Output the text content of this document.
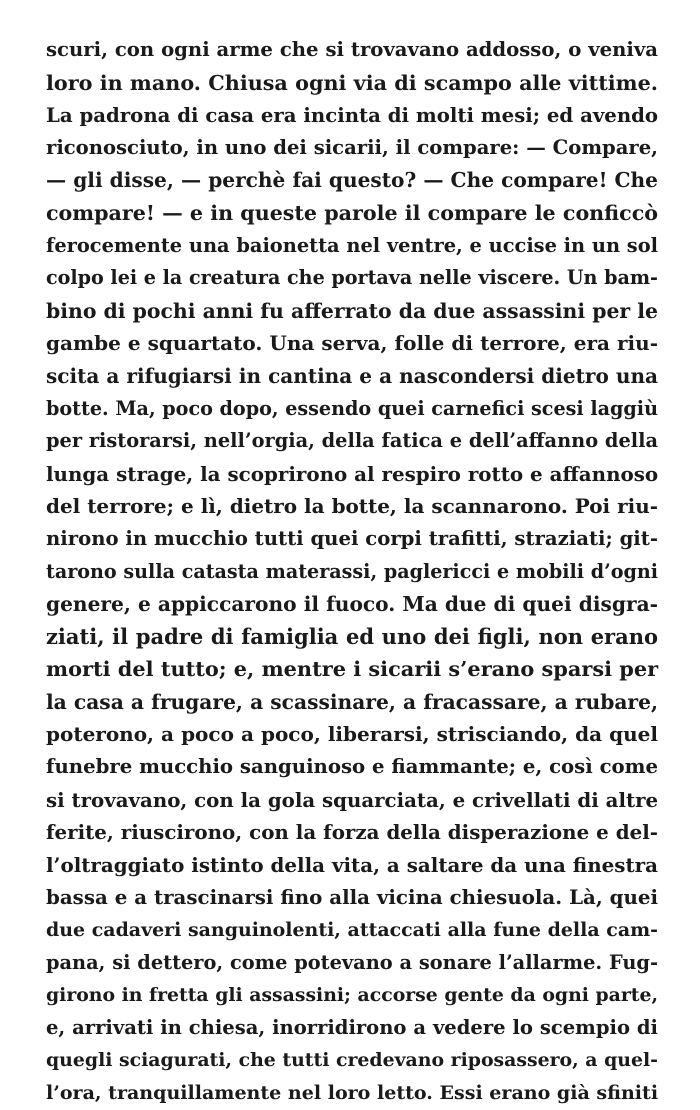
scuri, con ogni arme che si trovavano addosso, o veniva
loro in mano. Chiusa ogni via di scampo alle vittime.
La padrona di casa era incinta di molti mesi; ed avendo
riconosciuto, in uno dei sicarii, il compare: — Compare,
— gli disse, — perchè fai questo? — Che compare! Che
compare! — e in queste parole il compare le conficcò
ferocemente una baionetta nel ventre, e uccise in un sol
colpo lei e la creatura che portava nelle viscere. Un bam-
bino di pochi anni fu afferrato da due assassini per le
gambe e squartato. Una serva, folle di terrore, era riu-
scita a rifugiarsi in cantina e a nascondersi dietro una
botte. Ma, poco dopo, essendo quei carnefici scesi laggiù
per ristorarsi, nell’orgia, della fatica e dell’affanno della
lunga strage, la scoprirono al respiro rotto e affannoso
del terrore; e lì, dietro la botte, la scannarono. Poi riu-
nirono in mucchio tutti quei corpi trafitti, straziati; git-
tarono sulla catasta materassi, paglericci e mobili d’ogni
genere, e appiccarono il fuoco. Ma due di quei disgra-
ziati, il padre di famiglia ed uno dei figli, non erano
morti del tutto; e, mentre i sicarii s’erano sparsi per
la casa a frugare, a scassinare, a fracassare, a rubare,
poterono, a poco a poco, liberarsi, strisciando, da quel
funebre mucchio sanguinoso e fiammante; e, così come
si trovavano, con la gola squarciata, e crivellati di altre
ferite, riuscirono, con la forza della disperazione e del-
l’oltraggiato istinto della vita, a saltare da una finestra
bassa e a trascinarsi fino alla vicina chiesuola. Là, quei
due cadaveri sanguinolenti, attaccati alla fune della cam-
pana, si dettero, come potevano a sonare l’allarme. Fug-
girono in fretta gli assassini; accorse gente da ogni parte,
e, arrivati in chiesa, inorridirono a vedere lo scempio di
quegli sciagurati, che tutti credevano riposassero, a quel-
l’ora, tranquillamente nel loro letto. Essi erano già sfiniti
